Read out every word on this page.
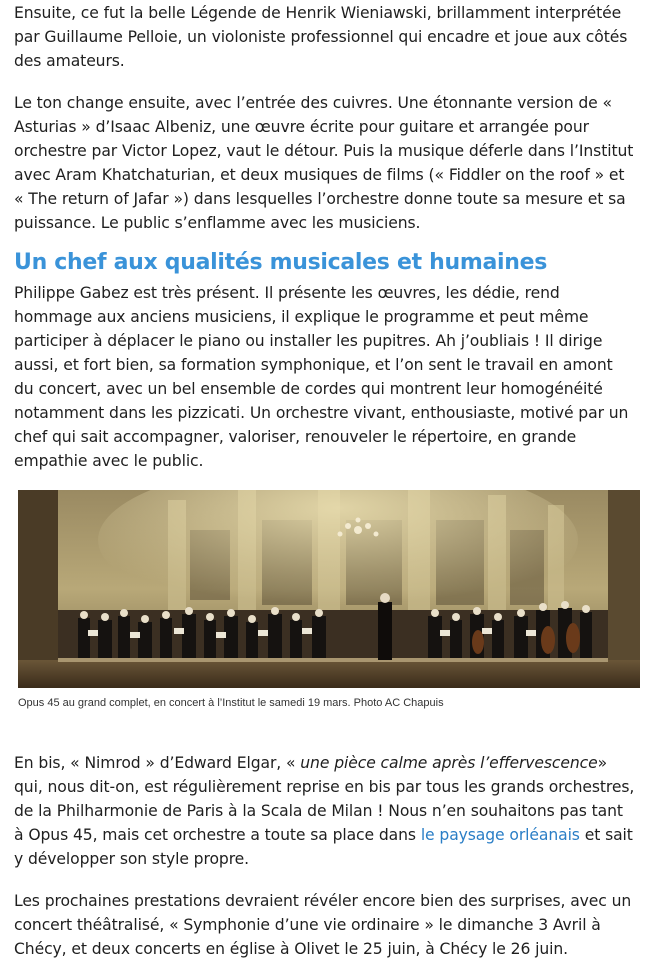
Ensuite, ce fut la belle Légende de Henrik Wieniawski, brillamment interprétée par Guillaume Pelloie, un violoniste professionnel qui encadre et joue aux côtés des amateurs.

Le ton change ensuite, avec l’entrée des cuivres. Une étonnante version de « Asturias » d’Isaac Albeniz, une œuvre écrite pour guitare et arrangée pour orchestre par Victor Lopez, vaut le détour. Puis la musique déferle dans l’Institut avec Aram Khatchaturian, et deux musiques de films (« Fiddler on the roof » et « The return of Jafar ») dans lesquelles l’orchestre donne toute sa mesure et sa puissance. Le public s’enflamme avec les musiciens.

Un chef aux qualités musicales et humaines

Philippe Gabez est très présent. Il présente les œuvres, les dédie, rend hommage aux anciens musiciens, il explique le programme et peut même participer à déplacer le piano ou installer les pupitres. Ah j’oubliais ! Il dirige aussi, et fort bien, sa formation symphonique, et l’on sent le travail en amont du concert, avec un bel ensemble de cordes qui montrent leur homogénéité notamment dans les pizzicati. Un orchestre vivant, enthousiaste, motivé par un chef qui sait accompagner, valoriser, renouveler le répertoire, en grande empathie avec le public.

Opus 45 au grand complet, en concert à l’Institut le samedi 19 mars. Photo AC Chapuis

En bis, « Nimrod » d’Edward Elgar, « une pièce calme après l’effervescence» qui, nous dit-on, est régulièrement reprise en bis par tous les grands orchestres, de la Philharmonie de Paris à la Scala de Milan ! Nous n’en souhaitons pas tant à Opus 45, mais cet orchestre a toute sa place dans le paysage orléanais et sait y développer son style propre.

Les prochaines prestations devraient révéler encore bien des surprises, avec un concert théâtralisé, « Symphonie d’une vie ordinaire » le dimanche 3 Avril à Chécy, et deux concerts en église à Olivet le 25 juin, à Chécy le 26 juin.
